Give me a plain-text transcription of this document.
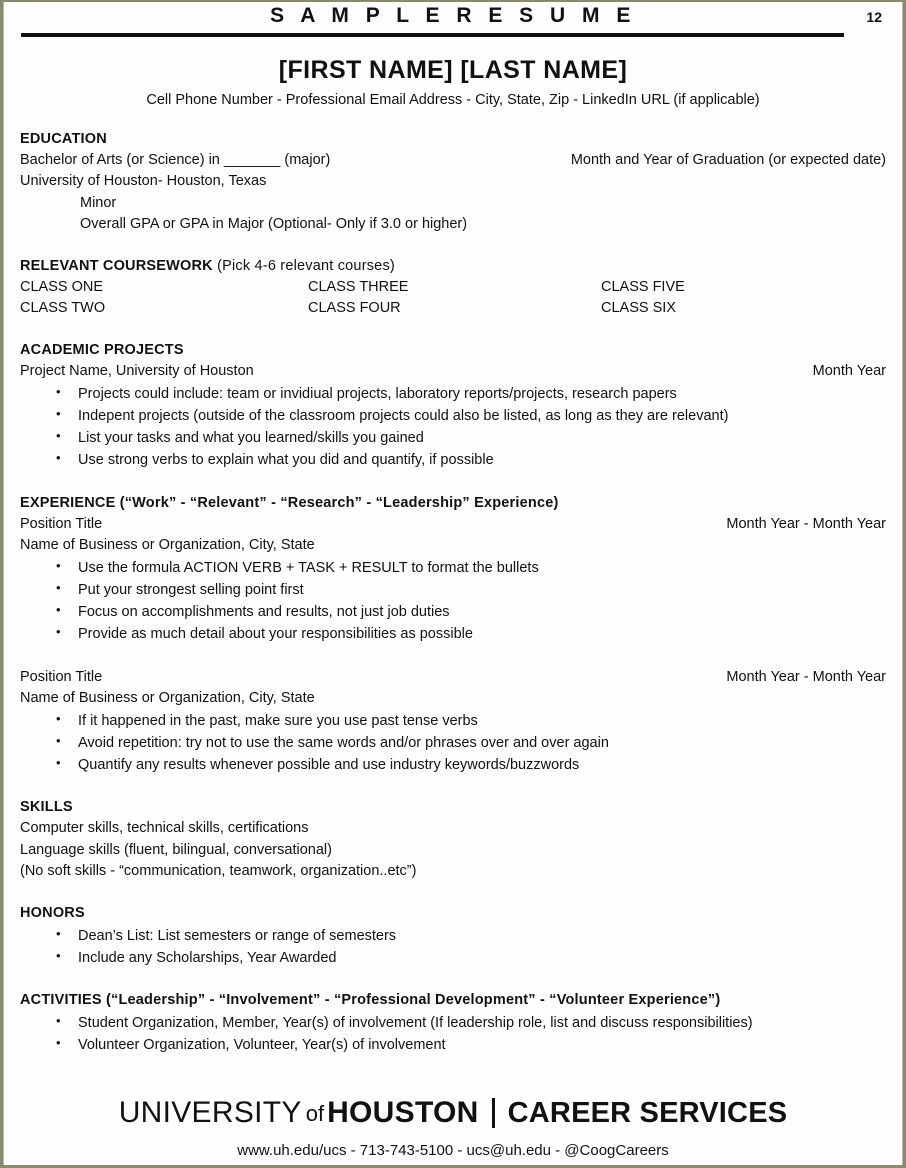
S A M P L E R E S U M E	12
[FIRST NAME] [LAST NAME]
Cell Phone Number - Professional Email Address - City, State, Zip - LinkedIn URL (if applicable)
EDUCATION
Bachelor of Arts (or Science) in _______ (major)	Month and Year of Graduation (or expected date)
University of Houston- Houston, Texas
Minor
Overall GPA or GPA in Major (Optional- Only if 3.0 or higher)
RELEVANT COURSEWORK (Pick 4-6 relevant courses)
CLASS ONE	CLASS THREE	CLASS FIVE
CLASS TWO	CLASS FOUR	CLASS SIX
ACADEMIC PROJECTS
Project Name, University of Houston	Month Year
• Projects could include: team or invidiual projects, laboratory reports/projects, research papers
• Indepent projects (outside of the classroom projects could also be listed, as long as they are relevant)
• List your tasks and what you learned/skills you gained
• Use strong verbs to explain what you did and quantify, if possible
EXPERIENCE (“Work” - “Relevant” - “Research” - “Leadership” Experience)
Position Title	Month Year - Month Year
Name of Business or Organization, City, State
• Use the formula ACTION VERB + TASK + RESULT to format the bullets
• Put your strongest selling point first
• Focus on accomplishments and results, not just job duties
• Provide as much detail about your responsibilities as possible
Position Title	Month Year - Month Year
Name of Business or Organization, City, State
• If it happened in the past, make sure you use past tense verbs
• Avoid repetition: try not to use the same words and/or phrases over and over again
• Quantify any results whenever possible and use industry keywords/buzzwords
SKILLS
Computer skills, technical skills, certifications
Language skills (fluent, bilingual, conversational)
(No soft skills - “communication, teamwork, organization..etc”)
HONORS
• Dean’s List: List semesters or range of semesters
• Include any Scholarships, Year Awarded
ACTIVITIES (“Leadership” - “Involvement” - “Professional Development” - “Volunteer Experience”)
• Student Organization, Member, Year(s) of involvement (If leadership role, list and discuss responsibilities)
• Volunteer Organization, Volunteer, Year(s) of involvement
UNIVERSITY of HOUSTON CAREER SERVICES
www.uh.edu/ucs - 713-743-5100 - ucs@uh.edu - @CoogCareers
